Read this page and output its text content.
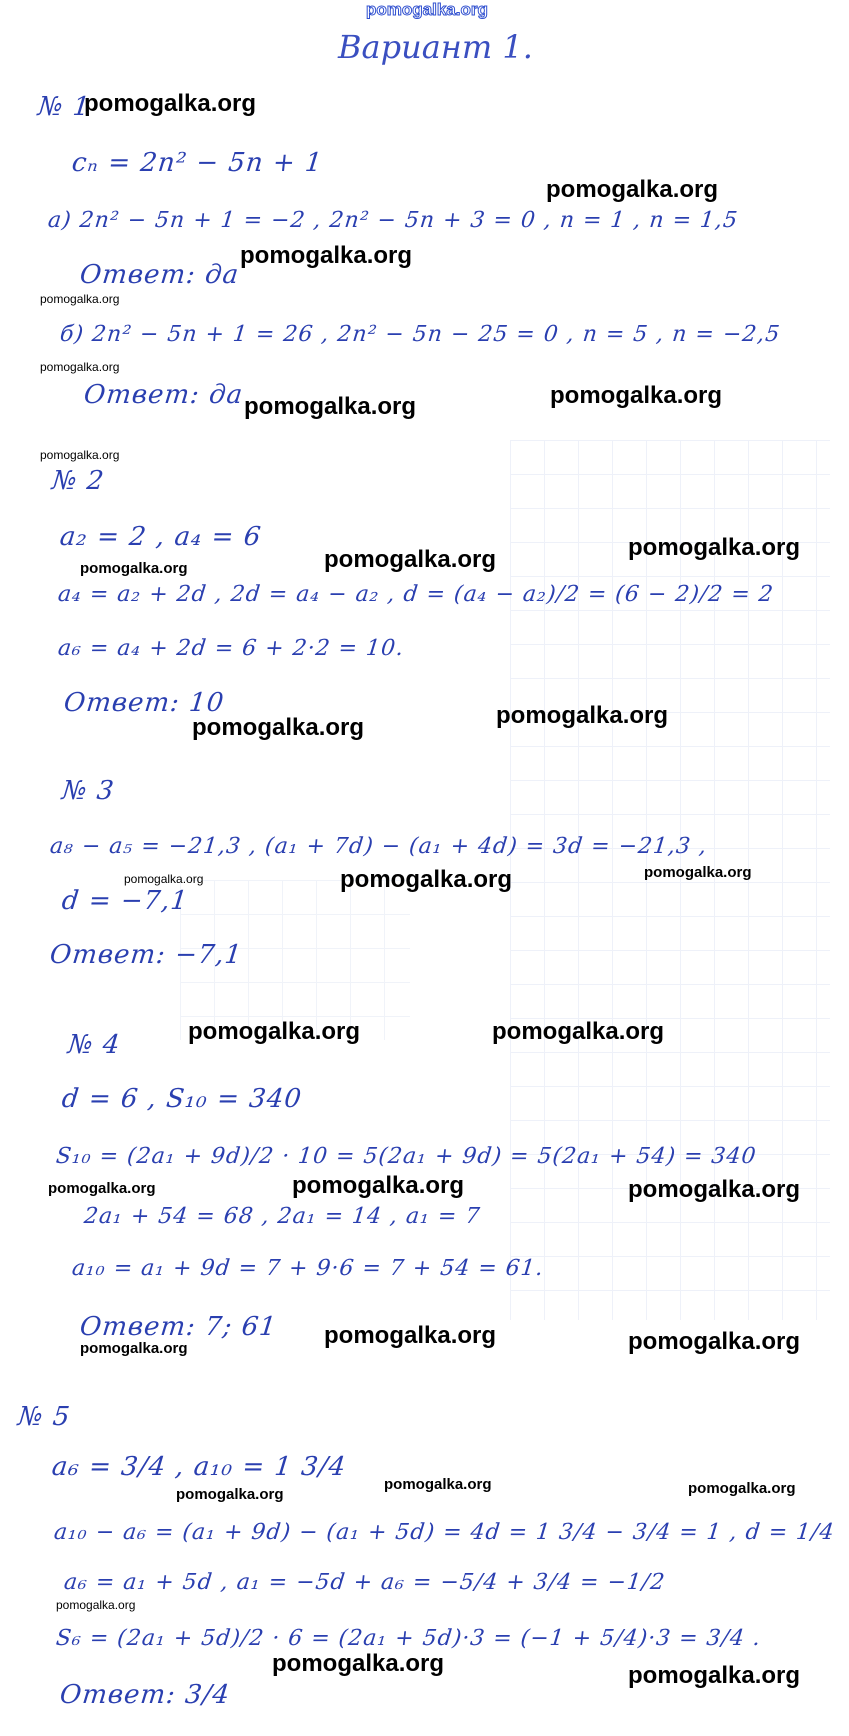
pomogalka.org
Вариант 1.
№ 1
pomogalka.org
cₙ = 2n² − 5n + 1
pomogalka.org
а) 2n² − 5n + 1 = −2 , 2n² − 5n + 3 = 0 , n = 1 , n = 1,5
pomogalka.org
Ответ: да
pomogalka.org
б) 2n² − 5n + 1 = 26 , 2n² − 5n − 25 = 0 , n = 5 , n = −2,5
pomogalka.org
Ответ: да	pomogalka.org
pomogalka.org
pomogalka.org
№ 2
a₂ = 2 , a₄ = 6	pomogalka.org
pomogalka.org
pomogalka.org
a₄ = a₂ + 2d , 2d = a₄ − a₂ , d = (a₄ − a₂)/2 = (6 − 2)/2 = 2
a₆ = a₄ + 2d = 6 + 2·2 = 10.
Ответ: 10	pomogalka.org
pomogalka.org
№ 3
a₈ − a₅ = −21,3 , (a₁ + 7d) − (a₁ + 4d) = 3d = −21,3 ,
pomogalka.org
pomogalka.org	pomogalka.org
d = −7,1
Ответ: −7,1
№ 4	pomogalka.org	pomogalka.org
d = 6 , S₁₀ = 340
S₁₀ = (2a₁ + 9d)/2 · 10 = 5(2a₁ + 9d) = 5(2a₁ + 54) = 340
pomogalka.org
pomogalka.org	pomogalka.org
2a₁ + 54 = 68 , 2a₁ = 14 , a₁ = 7
a₁₀ = a₁ + 9d = 7 + 9·6 = 7 + 54 = 61.
Ответ: 7; 61 pomogalka.org	pomogalka.org
pomogalka.org
№ 5
a₆ = 3/4 , a₁₀ = 1 3/4
pomogalka.org	pomogalka.org
pomogalka.org
a₁₀ − a₆ = (a₁ + 9d) − (a₁ + 5d) = 4d = 1 3/4 − 3/4 = 1 , d = 1/4
a₆ = a₁ + 5d , a₁ = −5d + a₆ = −5/4 + 3/4 = −1/2
pomogalka.org
S₆ = (2a₁ + 5d)/2 · 6 = (2a₁ + 5d)·3 = (−1 + 5/4)·3 = 3/4 .
pomogalka.org	pomogalka.org
Ответ: 3/4
